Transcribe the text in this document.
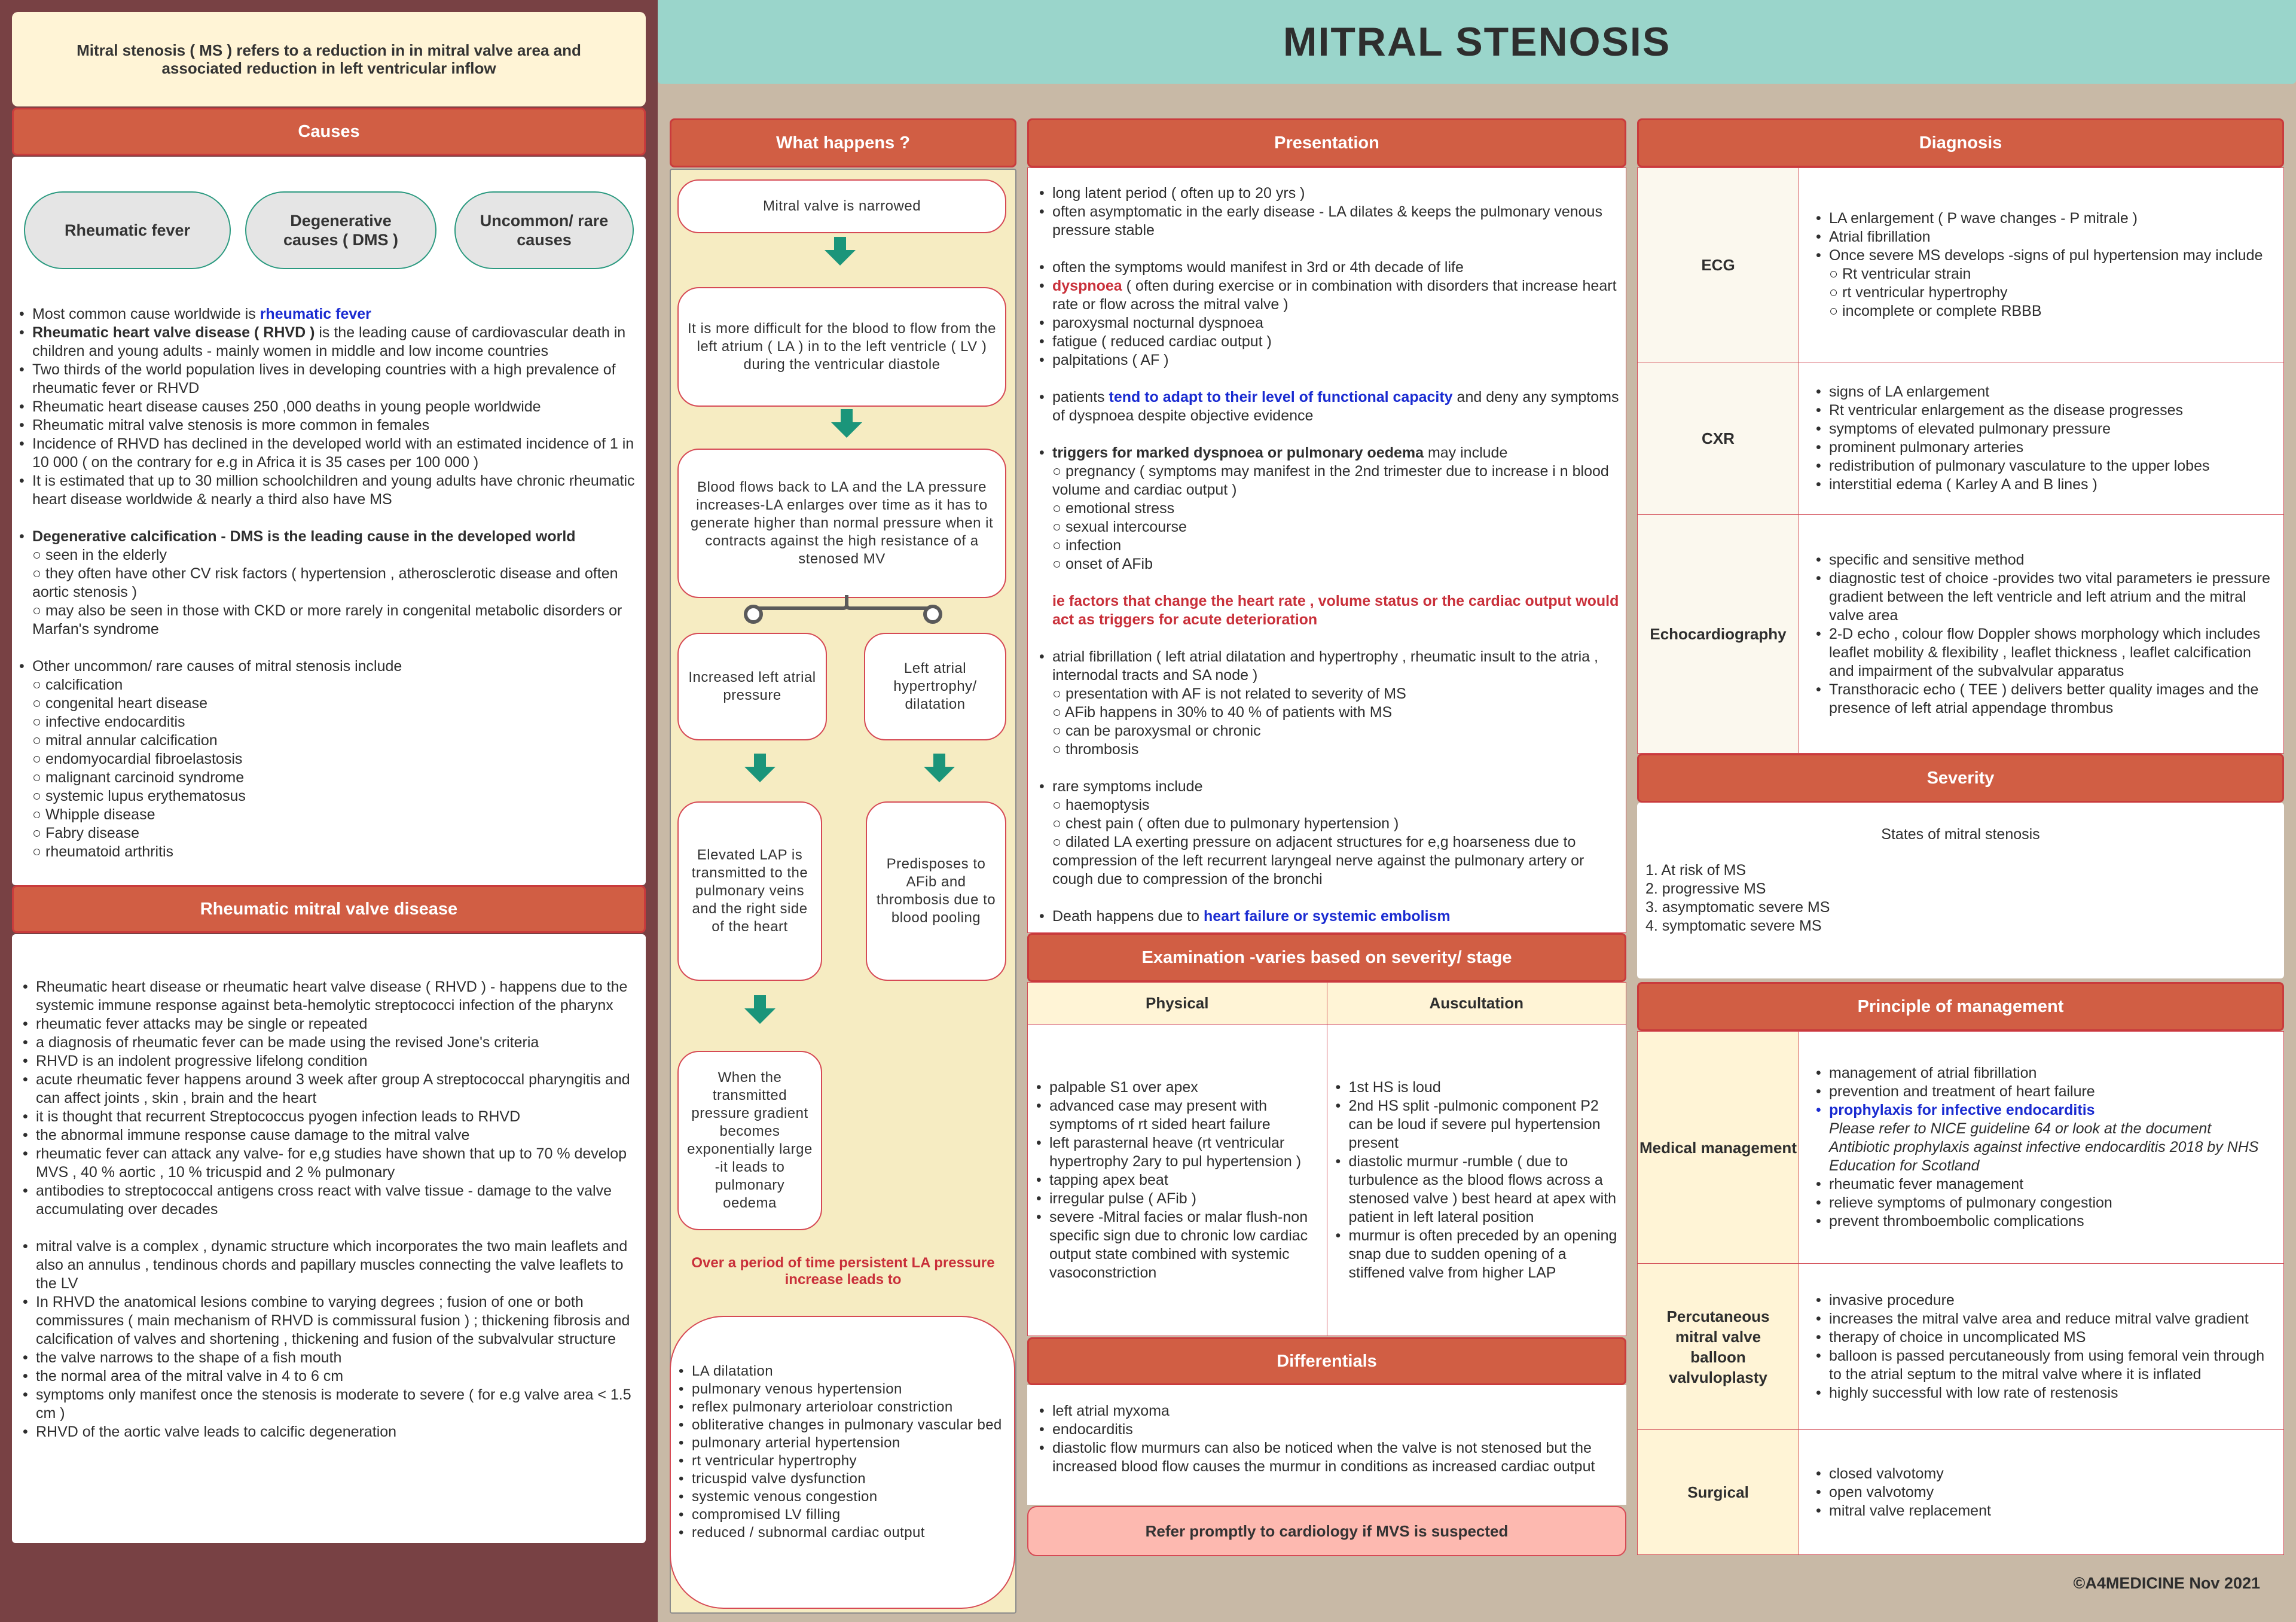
Mitral stenosis ( MS ) refers to a reduction in in mitral valve area and associated reduction in left ventricular inflow
Causes
Rheumatic fever
Degenerative causes ( DMS )
Uncommon/ rare causes
• Most common cause worldwide is rheumatic fever
• Rheumatic heart valve disease ( RHVD ) is the leading cause of cardiovascular death in children and young adults - mainly women in middle and low income countries
• Two thirds of the world population lives in developing countries with a high prevalence of rheumatic fever or RHVD
• Rheumatic heart disease causes 250 ,000 deaths in young people worldwide
• Rheumatic mitral valve stenosis is more common in females
• Incidence of RHVD has declined in the developed world with an estimated incidence of 1 in 10 000 ( on the contrary for e.g in Africa it is 35 cases per 100 000 )
• It is estimated that up to 30 million schoolchildren and young adults have chronic rheumatic heart disease worldwide & nearly a third also have MS
• Degenerative calcification - DMS is the leading cause in the developed world
○ seen in the elderly
○ they often have other CV risk factors ( hypertension , atherosclerotic disease and often aortic stenosis )
○ may also be seen in those with CKD or more rarely in congenital metabolic disorders or Marfan's syndrome
• Other uncommon/ rare causes of mitral stenosis include
○ calcification
○ congenital heart disease
○ infective endocarditis
○ mitral annular calcification
○ endomyocardial fibroelastosis
○ malignant carcinoid syndrome
○ systemic lupus erythematosus
○ Whipple disease
○ Fabry disease
○ rheumatoid arthritis
Rheumatic mitral valve disease
• Rheumatic heart disease or rheumatic heart valve disease ( RHVD ) - happens due to the systemic immune response against beta-hemolytic streptococci infection of the pharynx
• rheumatic fever attacks may be single or repeated
• a diagnosis of rheumatic fever can be made using the revised Jone's criteria
• RHVD is an indolent progressive lifelong condition
• acute rheumatic fever happens around 3 week after group A streptococcal pharyngitis and can affect joints , skin , brain and the heart
• it is thought that recurrent Streptococcus pyogen infection leads to RHVD
• the abnormal immune response cause damage to the mitral valve
• rheumatic fever can attack any valve- for e,g studies have shown that up to 70 % develop MVS , 40 % aortic , 10 % tricuspid and 2 % pulmonary
• antibodies to streptococcal antigens cross react with valve tissue - damage to the valve accumulating over decades
• mitral valve is a complex , dynamic structure which incorporates the two main leaflets and also an annulus , tendinous chords and papillary muscles connecting the valve leaflets to the LV
• In RHVD the anatomical lesions combine to varying degrees ; fusion of one or both commissures ( main mechanism of RHVD is commissural fusion ) ; thickening fibrosis and calcification of valves and shortening , thickening and fusion of the subvalvular structure
• the valve narrows to the shape of a fish mouth
• the normal area of the mitral valve in 4 to 6 cm
• symptoms only manifest once the stenosis is moderate to severe ( for e.g valve area < 1.5 cm )
• RHVD of the aortic valve leads to calcific degeneration
MITRAL STENOSIS
What happens ?
Mitral valve is narrowed
It is more difficult for the blood to flow from the left atrium ( LA ) in to the left ventricle ( LV ) during the ventricular diastole
Blood flows back to LA and the LA pressure increases-LA enlarges over time as it has to generate higher than normal pressure when it contracts against the high resistance of a stenosed MV
Increased left atrial pressure
Left atrial hypertrophy/ dilatation
Elevated LAP is transmitted to the pulmonary veins and the right side of the heart
Predisposes to AFib and thrombosis due to blood pooling
When the transmitted pressure gradient becomes exponentially large -it leads to pulmonary oedema
Over a period of time persistent LA pressure increase leads to
• LA dilatation
• pulmonary venous hypertension
• reflex pulmonary arterioloar constriction
• obliterative changes in pulmonary vascular bed
• pulmonary arterial hypertension
• rt ventricular hypertrophy
• tricuspid valve dysfunction
• systemic venous congestion
• compromised LV filling
• reduced / subnormal cardiac output
Presentation
• long latent period ( often up to 20 yrs )
• often asymptomatic in the early disease - LA dilates & keeps the pulmonary venous pressure stable
• often the symptoms would manifest in 3rd or 4th decade of life
• dyspnoea ( often during exercise or in combination with disorders that increase heart rate or flow across the mitral valve )
• paroxysmal nocturnal dyspnoea
• fatigue ( reduced cardiac output )
• palpitations ( AF )
• patients tend to adapt to their level of functional capacity and deny any symptoms of dyspnoea despite objective evidence
• triggers for marked dyspnoea or pulmonary oedema may include
○ pregnancy ( symptoms may manifest in the 2nd trimester due to increase i n blood volume and cardiac output )
○ emotional stress
○ sexual intercourse
○ infection
○ onset of AFib
ie factors that change the heart rate , volume status or the cardiac output would act as triggers for acute deterioration
• atrial fibrillation ( left atrial dilatation and hypertrophy , rheumatic insult to the atria , internodal tracts and SA node )
○ presentation with AF is not related to severity of MS
○ AFib happens in 30% to 40 % of patients with MS
○ can be paroxysmal or chronic
○ thrombosis
• rare symptoms include
○ haemoptysis
○ chest pain ( often due to pulmonary hypertension )
○ dilated LA exerting pressure on adjacent structures for e,g hoarseness due to compression of the left recurrent laryngeal nerve against the pulmonary artery or cough due to compression of the bronchi
• Death happens due to heart failure or systemic embolism
Examination -varies based on severity/ stage
Physical	Auscultation

• palpable S1 over apex
• advanced case may present with symptoms of rt sided heart failure
• left parasternal heave (rt ventricular hypertrophy 2ary to pul hypertension )
• tapping apex beat
• irregular pulse ( AFib )
• severe -Mitral facies or malar flush-non specific sign due to chronic low cardiac output state combined with systemic vasoconstriction

• 1st HS is loud
• 2nd HS split -pulmonic component P2 can be loud if severe pul hypertension present
• diastolic murmur -rumble ( due to turbulence as the blood flows across a stenosed valve ) best heard at apex with patient in left lateral position
• murmur is often preceded by an opening snap due to sudden opening of a stiffened valve from higher LAP
Differentials
• left atrial myxoma
• endocarditis
• diastolic flow murmurs can also be noticed when the valve is not stenosed but the increased blood flow causes the murmur in conditions as increased cardiac output
Refer promptly to cardiology if MVS is suspected
Diagnosis
ECG	
• LA enlargement ( P wave changes - P mitrale )
• Atrial fibrillation
• Once severe MS develops -signs of pul hypertension may include
○ Rt ventricular strain
○ rt ventricular hypertrophy
○ incomplete or complete RBBB

CXR	
• signs of LA enlargement
• Rt ventricular enlargement as the disease progresses
• symptoms of elevated pulmonary pressure
• prominent pulmonary arteries
• redistribution of pulmonary vasculature to the upper lobes
• interstitial edema ( Karley A and B lines )

Echocardiography	
• specific and sensitive method
• diagnostic test of choice -provides two vital parameters ie pressure gradient between the left ventricle and left atrium and the mitral valve area
• 2-D echo , colour flow Doppler shows morphology which includes leaflet mobility & flexibility , leaflet thickness , leaflet calcification and impairment of the subvalvular apparatus
• Transthoracic echo ( TEE ) delivers better quality images and the presence of left atrial appendage thrombus
Severity
States of mitral stenosis
1. At risk of MS
2. progressive MS
3. asymptomatic severe MS
4. symptomatic severe MS
Principle of management
Medical management	
• management of atrial fibrillation
• prevention and treatment of heart failure
• prophylaxis for infective endocarditis
Please refer to NICE guideline 64 or look at the document Antibiotic prophylaxis against infective endocarditis 2018 by NHS Education for Scotland
• rheumatic fever management
• relieve symptoms of pulmonary congestion
• prevent thromboembolic complications

Percutaneous mitral valve balloon valvuloplasty	
• invasive procedure
• increases the mitral valve area and reduce mitral valve gradient
• therapy of choice in uncomplicated MS
• balloon is passed percutaneously from using femoral vein through to the atrial septum to the mitral valve where it is inflated
• highly successful with low rate of restenosis

Surgical	
• closed valvotomy
• open valvotomy
• mitral valve replacement
©A4MEDICINE Nov 2021
